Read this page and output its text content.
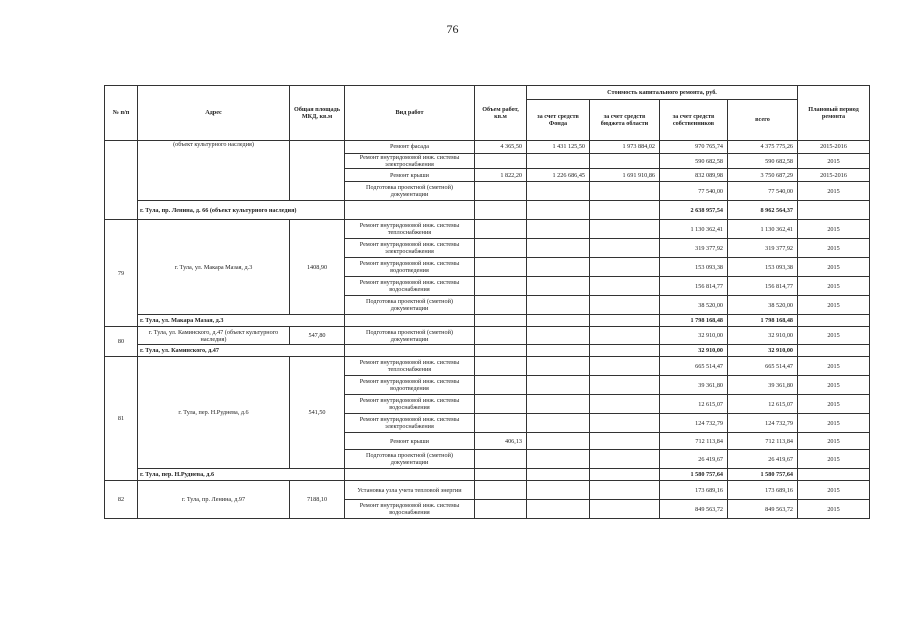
76
№ п/п	Адрес	Общая площадь МКД, кв.м	Вид работ	Объем работ, кв.м	Стоимость капитального ремонта, руб.				Плановый период ремонта
					за счет средств Фонда	за счет средств бюджета области	за счет средств собственников	всего	
	(объект культурного наследия)		Ремонт фасада	4 365,50	1 431 125,50	1 973 884,02	970 765,74	4 375 775,26	2015-2016
			Ремонт внутридомовой инж. системы электроснабжения				590 682,58	590 682,58	2015
			Ремонт крыши	1 822,20	1 226 686,45	1 691 910,86	832 089,98	3 750 687,29	2015-2016
			Подготовка проектной (сметной) документации				77 540,00	77 540,00	2015
	г. Тула, пр. Ленина, д. 66 (объект культурного наследия)						2 638 957,54	8 962 564,37	
79	г. Тула, ул. Макара Мазая, д.3	1408,90	Ремонт внутридомовой инж. системы теплоснабжения				1 130 362,41	1 130 362,41	2015
			Ремонт внутридомовой инж. системы электроснабжения				319 377,92	319 377,92	2015
			Ремонт внутридомовой инж. системы водоотведения				153 093,38	153 093,38	2015
			Ремонт внутридомовой инж. системы водоснабжения				156 814,77	156 814,77	2015
			Подготовка проектной (сметной) документации				38 520,00	38 520,00	2015
	г. Тула, ул. Макара Мазая, д.3						1 798 168,48	1 798 168,48	
80	г. Тула, ул. Каминского, д.47 (объект культурного наследия)	547,80	Подготовка проектной (сметной) документации				32 910,00	32 910,00	2015
	г. Тула, ул. Каминского, д.47						32 910,00	32 910,00	
81	г. Тула, пер. Н.Руднева, д.6	541,50	Ремонт внутридомовой инж. системы теплоснабжения				665 514,47	665 514,47	2015
			Ремонт внутридомовой инж. системы водоотведения				39 361,80	39 361,80	2015
			Ремонт внутридомовой инж. системы водоснабжения				12 615,07	12 615,07	2015
			Ремонт внутридомовой инж. системы электроснабжения				124 732,79	124 732,79	2015
			Ремонт крыши	406,13			712 113,84	712 113,84	2015
			Подготовка проектной (сметной) документации				26 419,67	26 419,67	2015
	г. Тула, пер. Н.Руднева, д.6						1 580 757,64	1 580 757,64	
82	г. Тула, пр. Ленина, д.97	7188,10	Установка узла учета тепловой энергии				173 689,16	173 689,16	2015
			Ремонт внутридомовой инж. системы водоснабжения				849 563,72	849 563,72	2015
